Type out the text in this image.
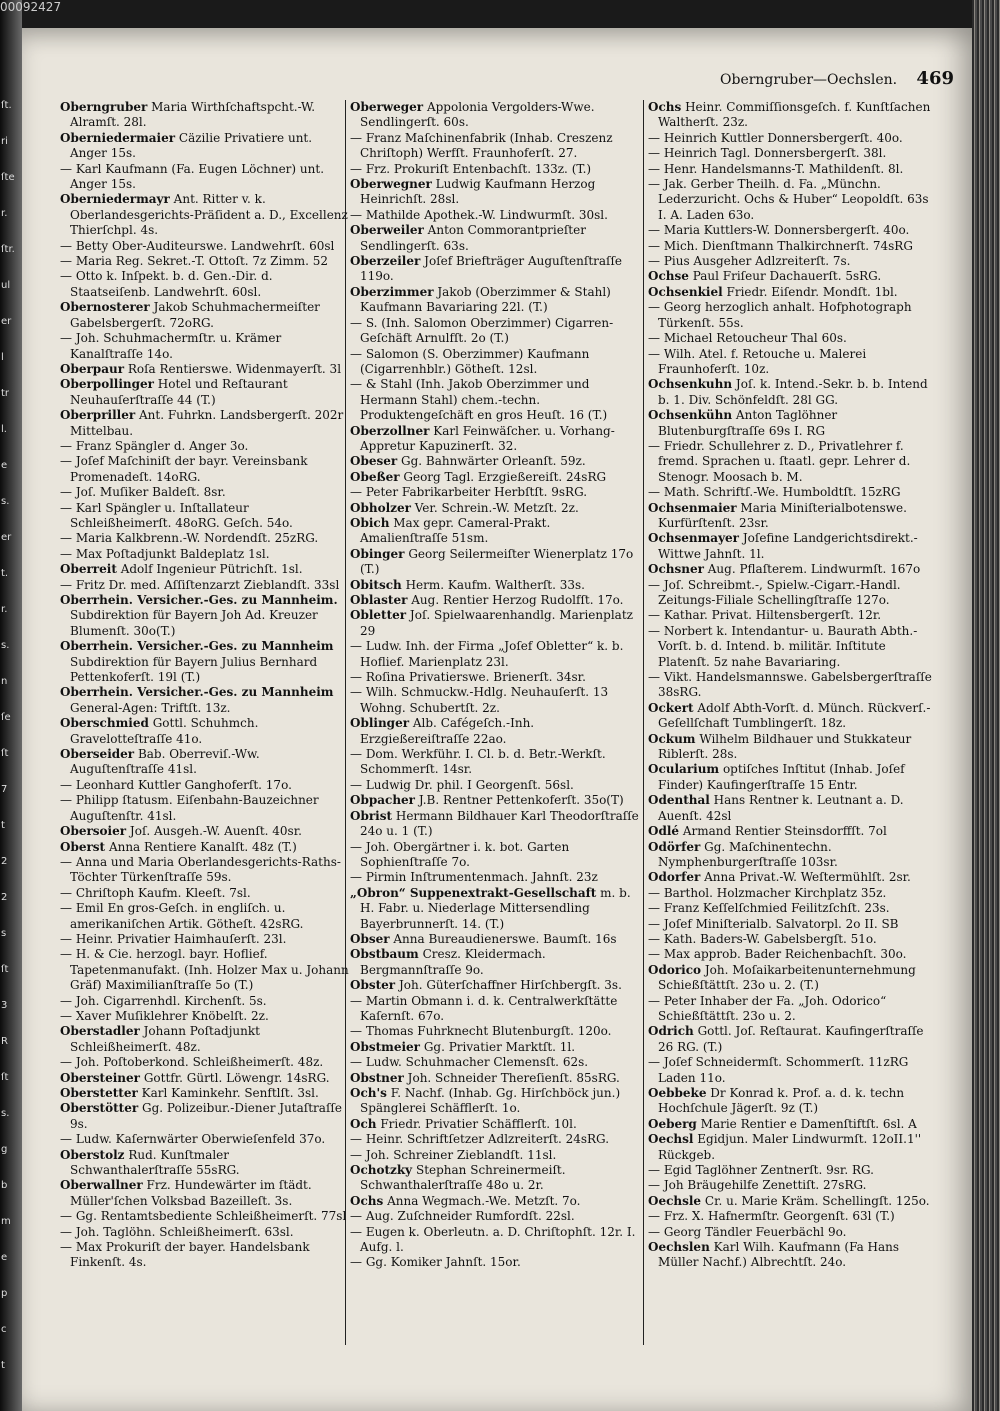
00092427
ſt.
ri
ſte
r.
ſtr.
ul
er
l
tr
l.
e
s.
er
t.
r.
s.
n
ſe
ſt
7
t
2
2
s
ſt
3
R
ſt
s.
g
b
m
e
p
c
t
Oberngruber—Oechslen. 469

Oberngruber Maria Wirthſchaftspcht.-W. Alramſt. 28l.

Oberniedermaier Cäzilie Privatiere unt. Anger 15s.

— Karl Kaufmann (Fa. Eugen Löchner) unt. Anger 15s.

Oberniedermayr Ant. Ritter v. k. Oberlandesgerichts-Präſident a. D., Excellenz Thierſchpl. 4s.

— Betty Ober-Auditeurswe. Landwehrſt. 60sl

— Maria Reg. Sekret.-T. Ottoſt. 7z Zimm. 52

— Otto k. Inſpekt. b. d. Gen.-Dir. d. Staatseiſenb. Landwehrſt. 60sl.

Obernosterer Jakob Schuhmachermeiſter Gabelsbergerſt. 72oRG.

— Joh. Schuhmachermſtr. u. Krämer Kanalſtraſſe 14o.

Oberpaur Roſa Rentierswe. Widenmayerſt. 3l

Oberpollinger Hotel und Reſtaurant Neuhauſerſtraſſe 44 (T.)

Oberpriller Ant. Fuhrkn. Landsbergerſt. 202r Mittelbau.

— Franz Spängler d. Anger 3o.

— Joſef Maſchiniſt der bayr. Vereinsbank Promenadeſt. 14oRG.

— Joſ. Muſiker Baldeſt. 8sr.

— Karl Spängler u. Inſtallateur Schleißheimerſt. 48oRG. Geſch. 54o.

— Maria Kalkbrenn.-W. Nordendſt. 25zRG.

— Max Poſtadjunkt Baldeplatz 1sl.

Oberreit Adolf Ingenieur Pütrichſt. 1sl.

— Fritz Dr. med. Aſſiſtenzarzt Zieblandſt. 33sl

Oberrhein. Versicher.-Ges. zu Mannheim. Subdirektion für Bayern Joh Ad. Kreuzer Blumenſt. 30o(T.)

Oberrhein. Versicher.-Ges. zu Mannheim Subdirektion für Bayern Julius Bernhard Pettenkoferſt. 19l (T.)

Oberrhein. Versicher.-Ges. zu Mannheim General-Agen: Triftſt. 13z.

Oberschmied Gottl. Schuhmch. Gravelotteſtraſſe 41o.

Oberseider Bab. Oberreviſ.-Ww. Auguſtenſtraſſe 41sl.

— Leonhard Kuttler Ganghoferſt. 17o.

— Philipp ſtatusm. Eiſenbahn-Bauzeichner Auguſtenſtr. 41sl.

Obersoier Joſ. Ausgeh.-W. Auenſt. 40sr.

Oberst Anna Rentiere Kanalſt. 48z (T.)

— Anna und Maria Oberlandesgerichts-Raths-Töchter Türkenſtraſſe 59s.

— Chriſtoph Kaufm. Kleeſt. 7sl.

— Emil En gros-Geſch. in engliſch. u. amerikaniſchen Artik. Götheſt. 42sRG.

— Heinr. Privatier Haimhauſerſt. 23l.

— H. & Cie. herzogl. bayr. Hoflief. Tapetenmanufakt. (Inh. Holzer Max u. Johann Gräf) Maximilianſtraſſe 5o (T.)

— Joh. Cigarrenhdl. Kirchenſt. 5s.

— Xaver Muſiklehrer Knöbelſt. 2z.

Oberstadler Johann Poſtadjunkt Schleißheimerſt. 48z.

— Joh. Poſtoberkond. Schleißheimerſt. 48z.

Obersteiner Gottfr. Gürtl. Löwengr. 14sRG.

Oberstetter Karl Kaminkehr. Senftlſt. 3sl.

Oberstötter Gg. Polizeibur.-Diener Jutaſtraſſe 9s.

— Ludw. Kaſernwärter Oberwieſenfeld 37o.

Oberstolz Rud. Kunſtmaler Schwanthalerſtraſſe 55sRG.

Oberwallner Frz. Hundewärter im ſtädt. Müller'ſchen Volksbad Bazeilleſt. 3s.

— Gg. Rentamtsbediente Schleißheimerſt. 77sl

— Joh. Taglöhn. Schleißheimerſt. 63sl.

— Max Prokuriſt der bayer. Handelsbank Finkenſt. 4s.

Oberweger Appolonia Vergolders-Wwe. Sendlingerſt. 60s.

— Franz Maſchinenfabrik (Inhab. Creszenz Chriſtoph) Werfſt. Fraunhoferſt. 27.

— Frz. Prokuriſt Entenbachſt. 133z. (T.)

Oberwegner Ludwig Kaufmann Herzog Heinrichſt. 28sl.

— Mathilde Apothek.-W. Lindwurmſt. 30sl.

Oberweiler Anton Commorantprieſter Sendlingerſt. 63s.

Oberzeiler Joſef Briefträger Auguſtenſtraſſe 119o.

Oberzimmer Jakob (Oberzimmer & Stahl) Kaufmann Bavariaring 22l. (T.)

— S. (Inh. Salomon Oberzimmer) Cigarren-Geſchäft Arnulfſt. 2o (T.)

— Salomon (S. Oberzimmer) Kaufmann (Cigarrenhblr.) Götheſt. 12sl.

— & Stahl (Inh. Jakob Oberzimmer und Hermann Stahl) chem.-techn. Produktengeſchäft en gros Heuſt. 16 (T.)

Oberzollner Karl Feinwäſcher. u. Vorhang-Appretur Kapuzinerſt. 32.

Obeser Gg. Bahnwärter Orleanſt. 59z.

Obeßer Georg Tagl. Erzgießereiſt. 24sRG

— Peter Fabrikarbeiter Herbſtſt. 9sRG.

Obholzer Ver. Schrein.-W. Metzſt. 2z.

Obich Max gepr. Cameral-Prakt. Amalienſtraſſe 51sm.

Obinger Georg Seilermeiſter Wienerplatz 17o (T.)

Obitsch Herm. Kaufm. Waltherſt. 33s.

Oblaster Aug. Rentier Herzog Rudolfſt. 17o.

Obletter Joſ. Spielwaarenhandlg. Marienplatz 29

— Ludw. Inh. der Firma „Joſef Obletter“ k. b. Hoflief. Marienplatz 23l.

— Roſina Privatierswe. Brienerſt. 34sr.

— Wilh. Schmuckw.-Hdlg. Neuhauſerſt. 13 Wohng. Schubertſt. 2z.

Oblinger Alb. Cafégeſch.-Inh. Erzgießereiſtraſſe 22ao.

— Dom. Werkführ. I. Cl. b. d. Betr.-Werkſt. Schommerſt. 14sr.

— Ludwig Dr. phil. I Georgenſt. 56sl.

Obpacher J.B. Rentner Pettenkoferſt. 35o(T)

Obrist Hermann Bildhauer Karl Theodorſtraſſe 24o u. 1 (T.)

— Joh. Obergärtner i. k. bot. Garten Sophienſtraſſe 7o.

— Pirmin Inſtrumentenmach. Jahnſt. 23z

„Obron“ Suppenextrakt-Gesellschaft m. b. H. Fabr. u. Niederlage Mittersendling Bayerbrunnerſt. 14. (T.)

Obser Anna Bureaudienerswe. Baumſt. 16s

Obstbaum Cresz. Kleidermach. Bergmannſtraſſe 9o.

Obster Joh. Güterſchaffner Hirſchbergſt. 3s.

— Martin Obmann i. d. k. Centralwerkſtätte Kaſernſt. 67o.

— Thomas Fuhrknecht Blutenburgſt. 120o.

Obstmeier Gg. Privatier Marktſt. 1l.

— Ludw. Schuhmacher Clemensſt. 62s.

Obstner Joh. Schneider Thereſienſt. 85sRG.

Och's F. Nachf. (Inhab. Gg. Hirſchböck jun.) Spänglerei Schäfflerſt. 1o.

Och Friedr. Privatier Schäfflerſt. 10l.

— Heinr. Schriftſetzer Adlzreiterſt. 24sRG.

— Joh. Schreiner Zieblandſt. 11sl.

Ochotzky Stephan Schreinermeiſt. Schwanthalerſtraſſe 48o u. 2r.

Ochs Anna Wegmach.-We. Metzſt. 7o.

— Aug. Zuſchneider Rumfordſt. 22sl.

— Eugen k. Oberleutn. a. D. Chriſtophſt. 12r. I. Aufg. l.

— Gg. Komiker Jahnſt. 15or.

Ochs Heinr. Commiſſionsgeſch. f. Kunſtſachen Waltherſt. 23z.

— Heinrich Kuttler Donnersbergerſt. 40o.

— Heinrich Tagl. Donnersbergerſt. 38l.

— Henr. Handelsmanns-T. Mathildenſt. 8l.

— Jak. Gerber Theilh. d. Fa. „Münchn. Lederzuricht. Ochs & Huber“ Leopoldſt. 63s I. A. Laden 63o.

— Maria Kuttlers-W. Donnersbergerſt. 40o.

— Mich. Dienſtmann Thalkirchnerſt. 74sRG

— Pius Ausgeher Adlzreiterſt. 7s.

Ochse Paul Friſeur Dachauerſt. 5sRG.

Ochsenkiel Friedr. Eiſendr. Mondſt. 1bl.

— Georg herzoglich anhalt. Hofphotograph Türkenſt. 55s.

— Michael Retoucheur Thal 60s.

— Wilh. Atel. f. Retouche u. Malerei Fraunhoferſt. 10z.

Ochsenkuhn Joſ. k. Intend.-Sekr. b. b. Intend b. 1. Div. Schönfeldſt. 28l GG.

Ochsenkühn Anton Taglöhner Blutenburgſtraſſe 69s I. RG

— Friedr. Schullehrer z. D., Privatlehrer f. fremd. Sprachen u. ſtaatl. gepr. Lehrer d. Stenogr. Moosach b. M.

— Math. Schriftſ.-We. Humboldtſt. 15zRG

Ochsenmaier Maria Miniſterialbotenswe. Kurfürſtenſt. 23sr.

Ochsenmayer Joſefine Landgerichtsdirekt.-Wittwe Jahnſt. 1l.

Ochsner Aug. Pflaſterem. Lindwurmſt. 167o

— Joſ. Schreibmt.-, Spielw.-Cigarr.-Handl. Zeitungs-Filiale Schellingſtraſſe 127o.

— Kathar. Privat. Hiltensbergerſt. 12r.

— Norbert k. Intendantur- u. Baurath Abth.-Vorſt. b. d. Intend. b. militär. Inſtitute Platenſt. 5z nahe Bavariaring.

— Vikt. Handelsmannswe. Gabelsbergerſtraſſe 38sRG.

Ockert Adolf Abth-Vorſt. d. Münch. Rückverſ.-Geſellſchaft Tumblingerſt. 18z.

Ockum Wilhelm Bildhauer und Stukkateur Riblerſt. 28s.

Ocularium optiſches Inſtitut (Inhab. Joſef Finder) Kaufingerſtraſſe 15 Entr.

Odenthal Hans Rentner k. Leutnant a. D. Auenſt. 42sl

Odlé Armand Rentier Steinsdorffſt. 7ol

Odörfer Gg. Maſchinentechn. Nymphenburgerſtraſſe 103sr.

Odorfer Anna Privat.-W. Weſtermühlſt. 2sr.

— Barthol. Holzmacher Kirchplatz 35z.

— Franz Keſſelſchmied Feilitzſchſt. 23s.

— Joſef Miniſterialb. Salvatorpl. 2o II. SB

— Kath. Baders-W. Gabelsbergſt. 51o.

— Max approb. Bader Reichenbachſt. 30o.

Odorico Joh. Moſaikarbeitenunternehmung Schießſtättſt. 23o u. 2. (T.)

— Peter Inhaber der Fa. „Joh. Odorico“ Schießſtättſt. 23o u. 2.

Odrich Gottl. Joſ. Reſtaurat. Kaufingerſtraſſe 26 RG. (T.)

— Joſef Schneidermſt. Schommerſt. 11zRG Laden 11o.

Oebbeke Dr Konrad k. Prof. a. d. k. techn Hochſchule Jägerſt. 9z (T.)

Oeberg Marie Rentier e Damenſtiftſt. 6sl. A

Oechsl Egidjun. Maler Lindwurmſt. 12oII.1'' Rückgeb.

— Egid Taglöhner Zentnerſt. 9sr. RG.

— Joh Bräugehilfe Zenettiſt. 27sRG.

Oechsle Cr. u. Marie Kräm. Schellingſt. 125o.

— Frz. X. Hafnermſtr. Georgenſt. 63l (T.)

— Georg Tändler Feuerbächl 9o.

Oechslen Karl Wilh. Kaufmann (Fa Hans Müller Nachf.) Albrechtſt. 24o.
